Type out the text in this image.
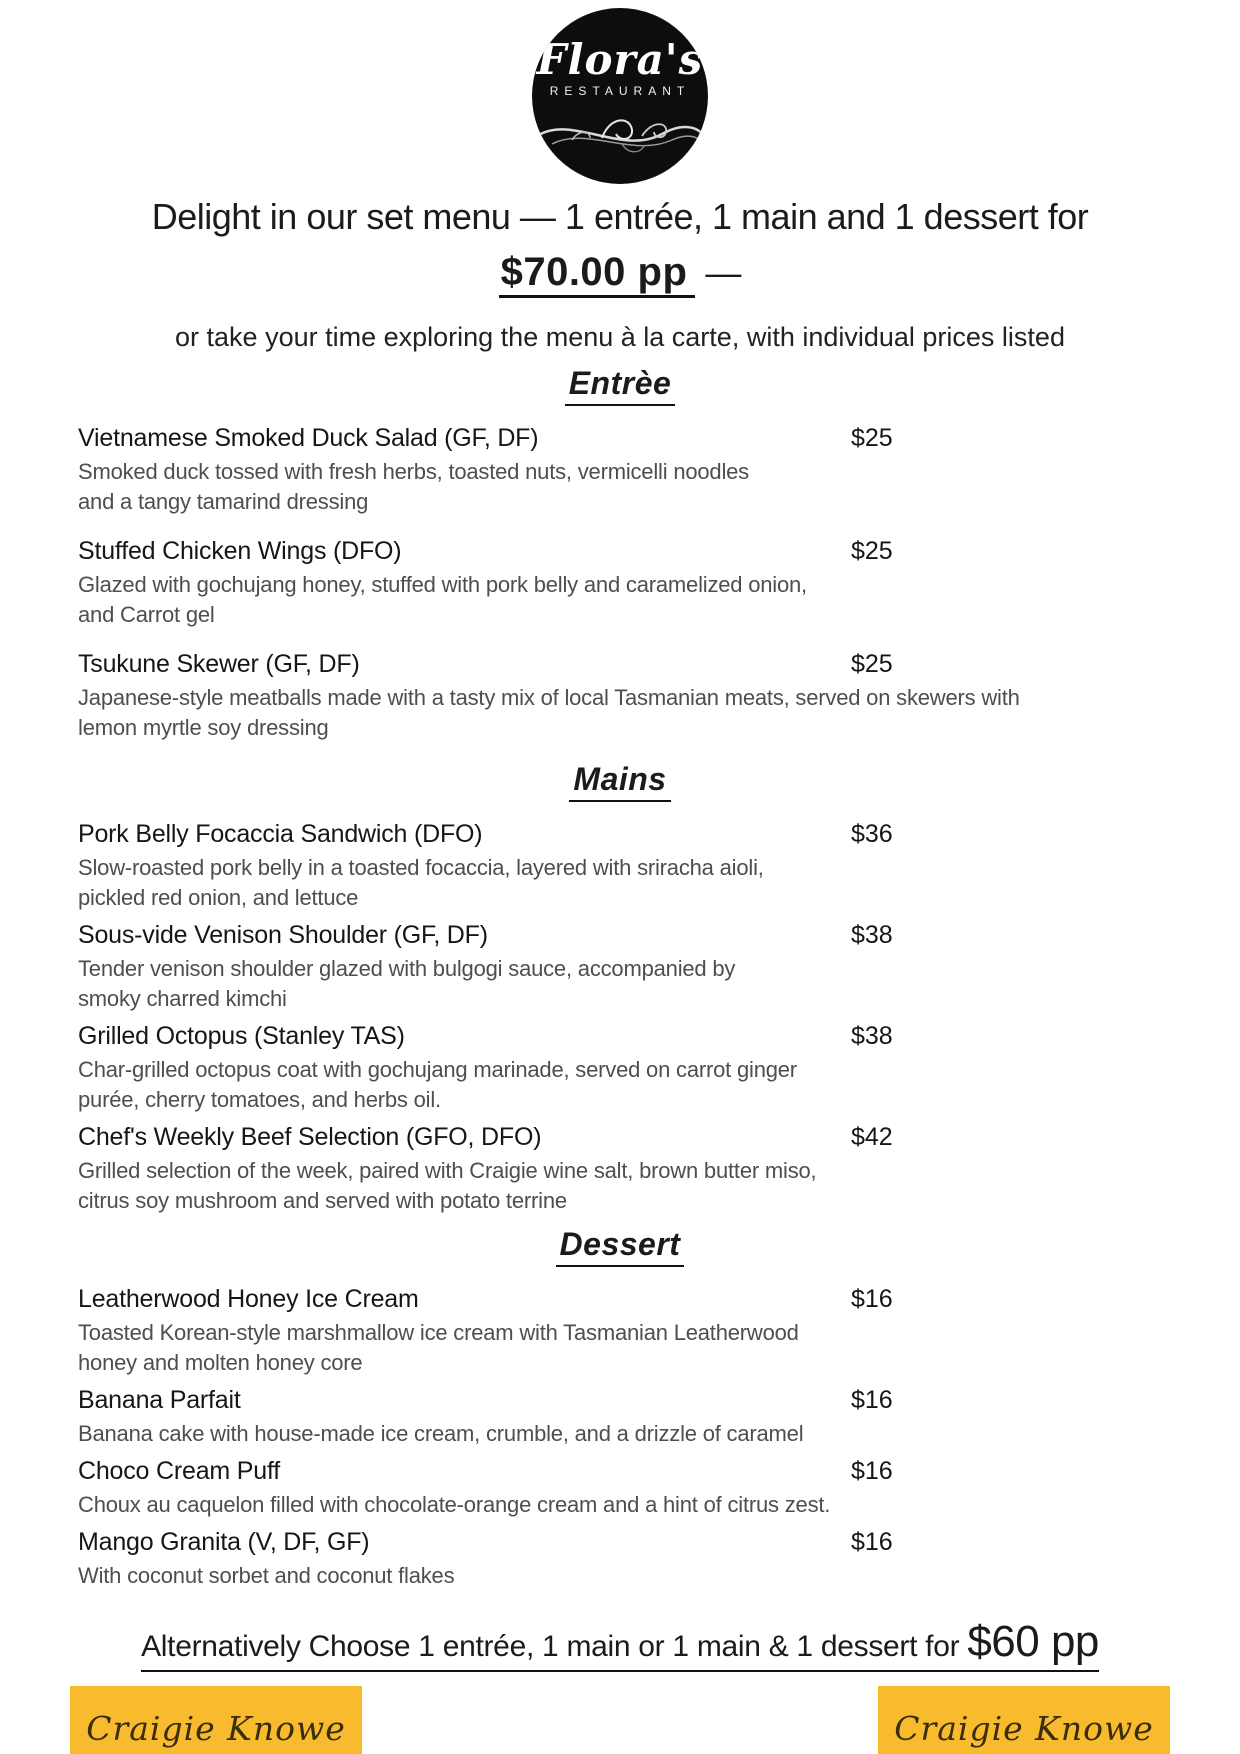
Flora's
RESTAURANT
Delight in our set menu — 1 entrée, 1 main and 1 dessert for
$70.00 pp —
or take your time exploring the menu à la carte, with individual prices listed
Entrèe
Vietnamese Smoked Duck Salad (GF, DF)	$25
Smoked duck tossed with fresh herbs, toasted nuts, vermicelli noodles
and a tangy tamarind dressing
Stuffed Chicken Wings (DFO)	$25
Glazed with gochujang honey, stuffed with pork belly and caramelized onion,
and Carrot gel
Tsukune Skewer (GF, DF)	$25
Japanese-style meatballs made with a tasty mix of local Tasmanian meats, served on skewers with
lemon myrtle soy dressing
Mains
Pork Belly Focaccia Sandwich (DFO)	$36
Slow-roasted pork belly in a toasted focaccia, layered with sriracha aioli,
pickled red onion, and lettuce
Sous-vide Venison Shoulder (GF, DF)	$38
Tender venison shoulder glazed with bulgogi sauce, accompanied by
smoky charred kimchi
Grilled Octopus (Stanley TAS)	$38
Char-grilled octopus coat with gochujang marinade, served on carrot ginger
purée, cherry tomatoes, and herbs oil.
Chef's Weekly Beef Selection (GFO, DFO)	$42
Grilled selection of the week, paired with Craigie wine salt, brown butter miso,
citrus soy mushroom and served with potato terrine
Dessert
Leatherwood Honey Ice Cream	$16
Toasted Korean-style marshmallow ice cream with Tasmanian Leatherwood
honey and molten honey core
Banana Parfait	$16
Banana cake with house-made ice cream, crumble, and a drizzle of caramel
Choco Cream Puff	$16
Choux au caquelon filled with chocolate-orange cream and a hint of citrus zest.
Mango Granita (V, DF, GF)	$16
With coconut sorbet and coconut flakes
Alternatively Choose 1 entrée, 1 main or 1 main & 1 dessert for $60 pp
Craigie Knowe	Craigie Knowe
